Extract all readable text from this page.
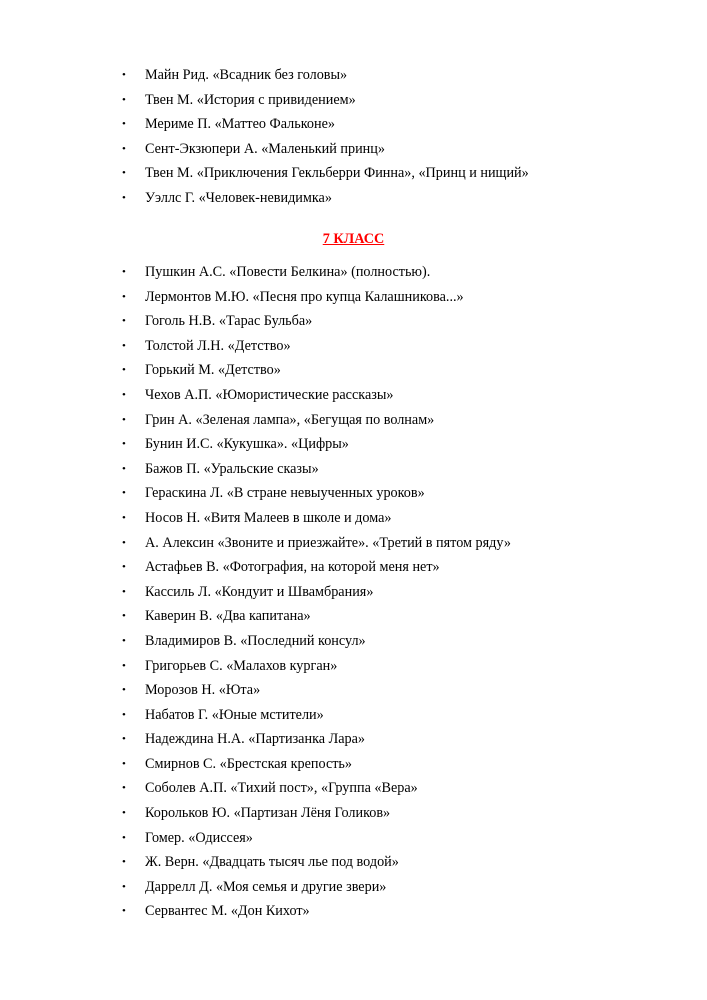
• Майн Рид. «Всадник без головы»
• Твен М. «История с привидением»
• Мериме П. «Маттео Фальконе»
• Сент-Экзюпери А. «Маленький принц»
• Твен М. «Приключения Гекльберри Финна», «Принц и нищий»
• Уэллс Г. «Человек-невидимка»
7 КЛАСС
• Пушкин А.С. «Повести Белкина» (полностью).
• Лермонтов М.Ю. «Песня про купца Калашникова...»
• Гоголь Н.В. «Тарас Бульба»
• Толстой Л.Н. «Детство»
• Горький М. «Детство»
• Чехов А.П. «Юмористические рассказы»
• Грин А. «Зеленая лампа», «Бегущая по волнам»
• Бунин И.С. «Кукушка». «Цифры»
• Бажов П. «Уральские сказы»
• Гераскина Л. «В стране невыученных уроков»
• Носов Н. «Витя Малеев в школе и дома»
• А. Алексин «Звоните и приезжайте». «Третий в пятом ряду»
• Астафьев В. «Фотография, на которой меня нет»
• Кассиль Л. «Кондуит и Швамбрания»
• Каверин В. «Два капитана»
• Владимиров В. «Последний консул»
• Григорьев С. «Малахов курган»
• Морозов Н. «Юта»
• Набатов Г. «Юные мстители»
• Надеждина Н.А. «Партизанка Лара»
• Смирнов С. «Брестская крепость»
• Соболев А.П. «Тихий пост», «Группа «Вера»
• Корольков Ю. «Партизан Лёня Голиков»
• Гомер. «Одиссея»
• Ж. Верн. «Двадцать тысяч лье под водой»
• Даррелл Д. «Моя семья и другие звери»
• Сервантес М. «Дон Кихот»
